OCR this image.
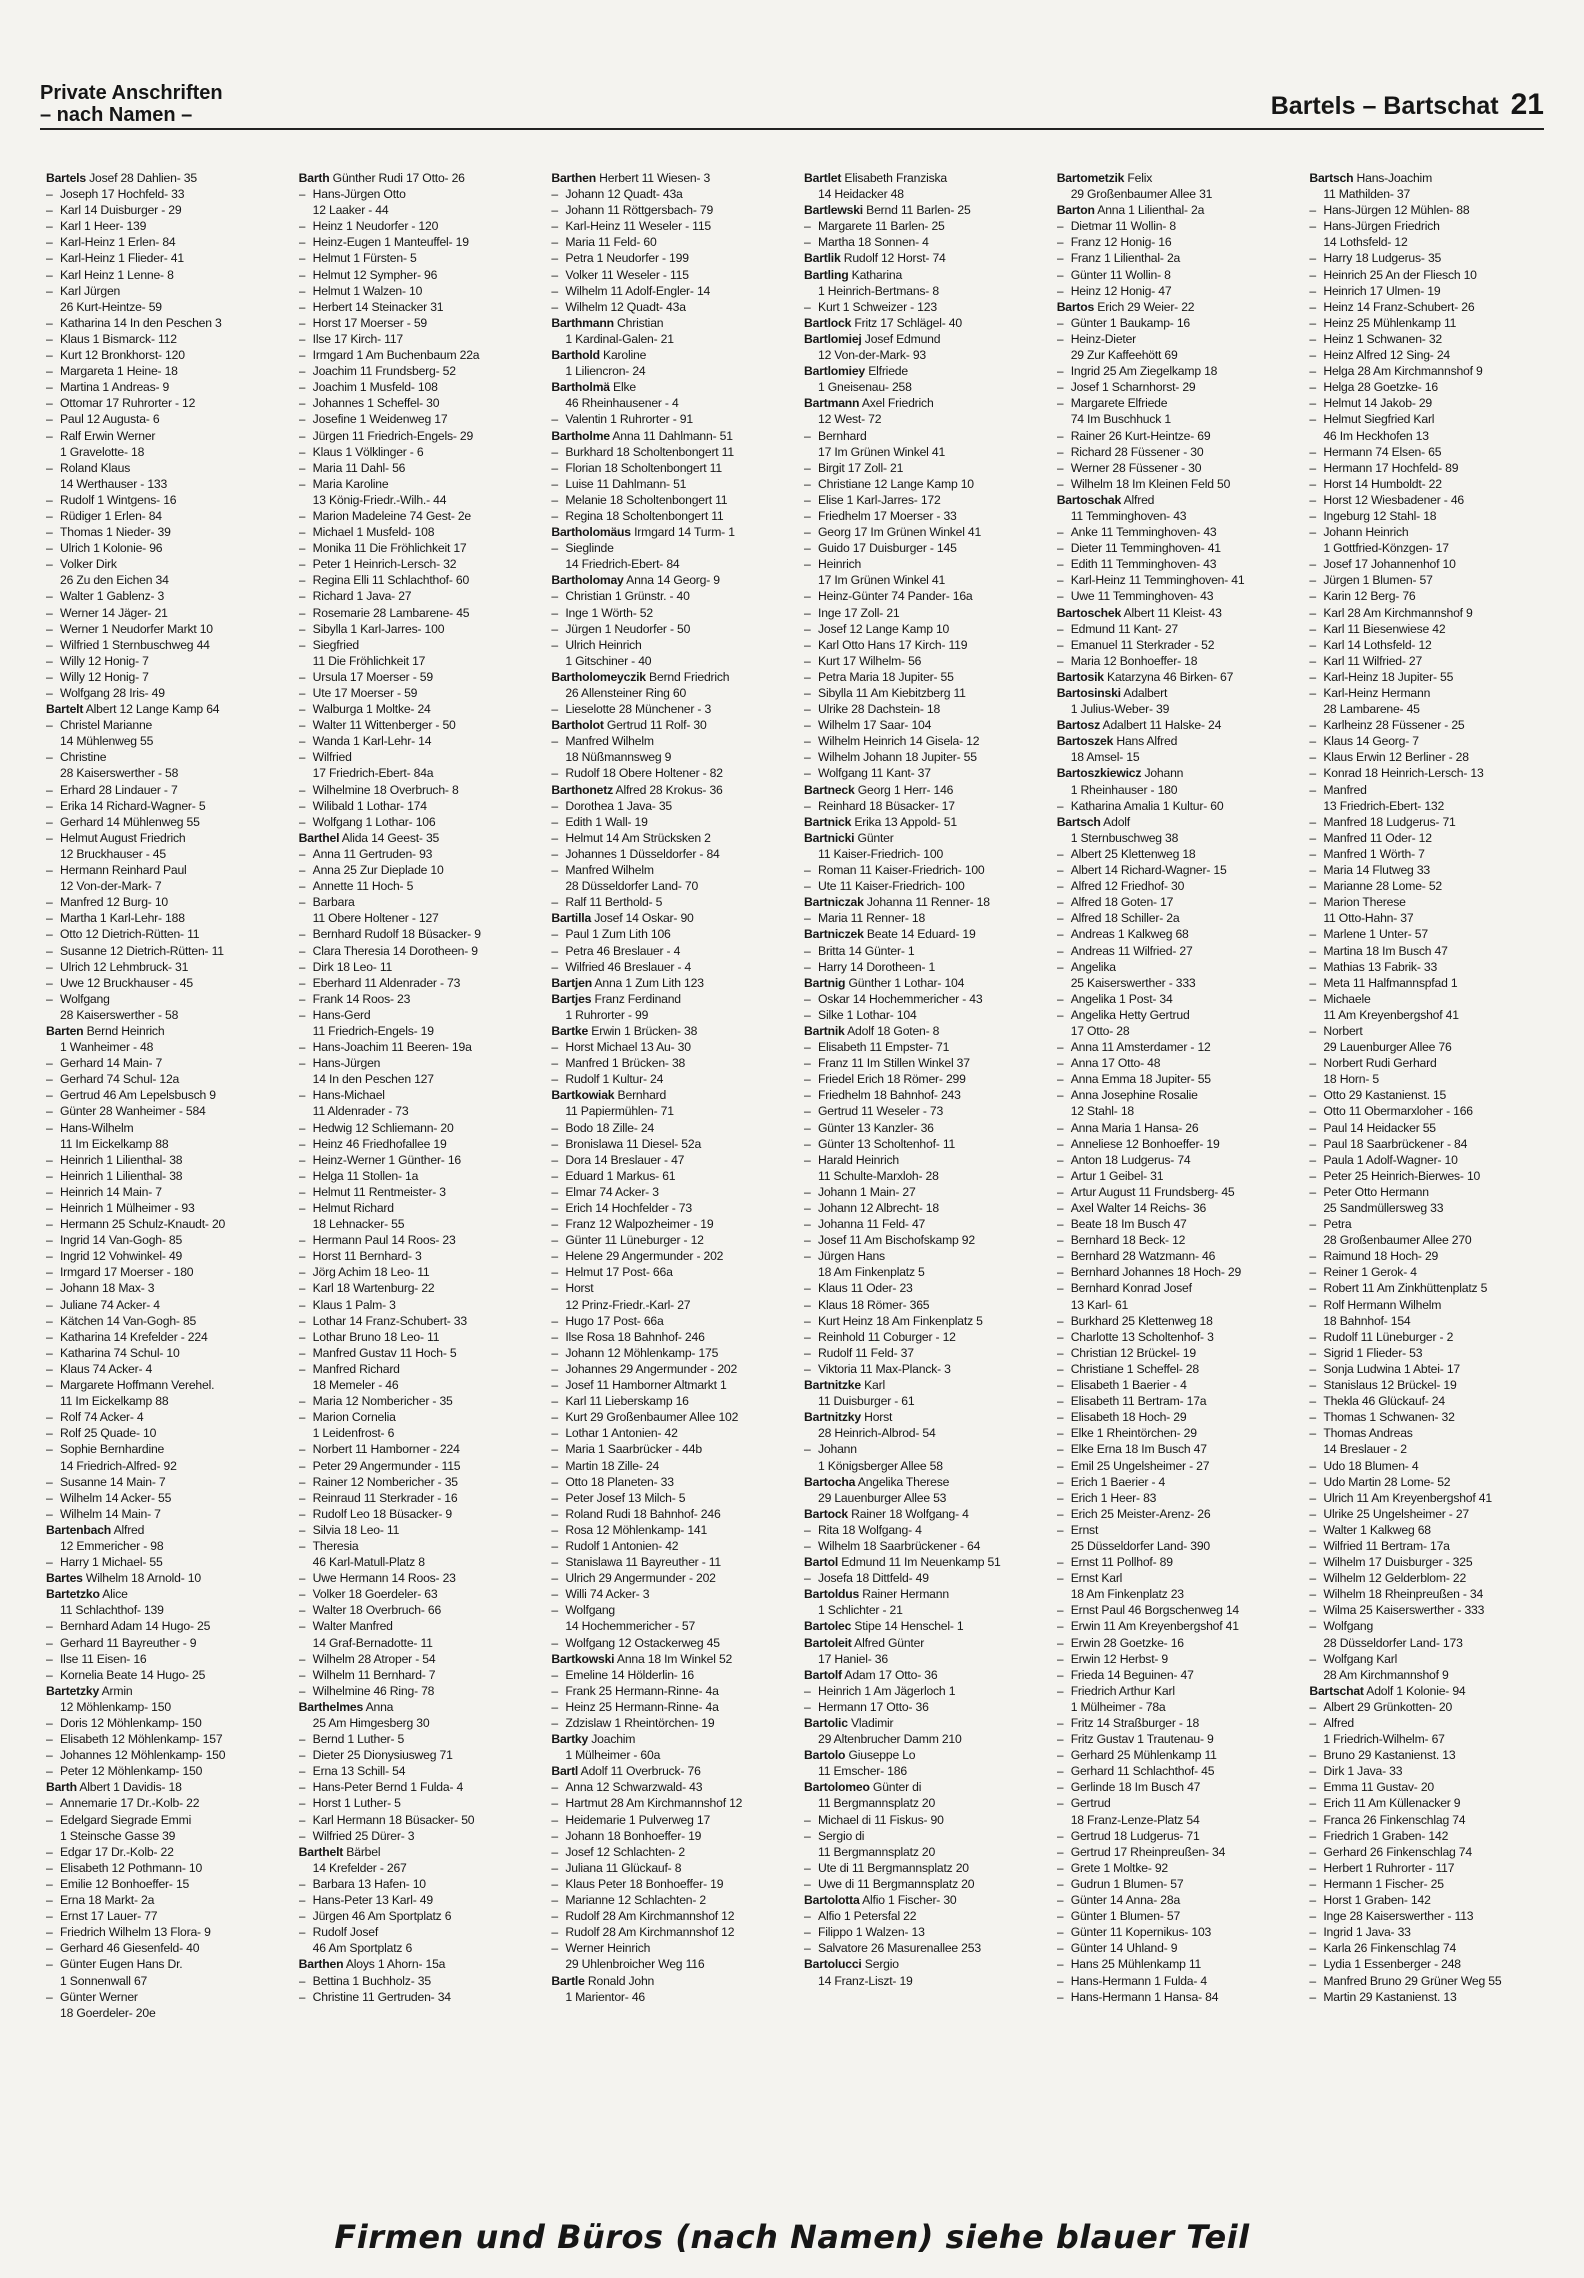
Private Anschriften
– nach Namen –	Bartels – Bartschat 21
Bartels Josef 28 Dahlien- 35
– Joseph 17 Hochfeld- 33
– Karl 14 Duisburger - 29
– Karl 1 Heer- 139
– Karl-Heinz 1 Erlen- 84
– Karl-Heinz 1 Flieder- 41
– Karl Heinz 1 Lenne- 8
– Karl Jürgen
26 Kurt-Heintze- 59
– Katharina 14 In den Peschen 3
– Klaus 1 Bismarck- 112
– Kurt 12 Bronkhorst- 120
– Margareta 1 Heine- 18
– Martina 1 Andreas- 9
– Ottomar 17 Ruhrorter - 12
– Paul 12 Augusta- 6
– Ralf Erwin Werner
1 Gravelotte- 18
– Roland Klaus
14 Werthauser - 133
– Rudolf 1 Wintgens- 16
– Rüdiger 1 Erlen- 84
– Thomas 1 Nieder- 39
– Ulrich 1 Kolonie- 96
– Volker Dirk
26 Zu den Eichen 34
– Walter 1 Gablenz- 3
– Werner 14 Jäger- 21
– Werner 1 Neudorfer Markt 10
– Wilfried 1 Sternbuschweg 44
– Willy 12 Honig- 7
– Willy 12 Honig- 7
– Wolfgang 28 Iris- 49
Bartelt Albert 12 Lange Kamp 64
– Christel Marianne
14 Mühlenweg 55
– Christine
28 Kaiserswerther - 58
– Erhard 28 Lindauer - 7
– Erika 14 Richard-Wagner- 5
– Gerhard 14 Mühlenweg 55
– Helmut August Friedrich
12 Bruckhauser - 45
– Hermann Reinhard Paul
12 Von-der-Mark- 7
– Manfred 12 Burg- 10
– Martha 1 Karl-Lehr- 188
– Otto 12 Dietrich-Rütten- 11
– Susanne 12 Dietrich-Rütten- 11
– Ulrich 12 Lehmbruck- 31
– Uwe 12 Bruckhauser - 45
– Wolfgang
28 Kaiserswerther - 58
Barten Bernd Heinrich
1 Wanheimer - 48
– Gerhard 14 Main- 7
– Gerhard 74 Schul- 12a
– Gertrud 46 Am Lepelsbusch 9
– Günter 28 Wanheimer - 584
– Hans-Wilhelm
11 Im Eickelkamp 88
– Heinrich 1 Lilienthal- 38
– Heinrich 1 Lilienthal- 38
– Heinrich 14 Main- 7
– Heinrich 1 Mülheimer - 93
– Hermann 25 Schulz-Knaudt- 20
– Ingrid 14 Van-Gogh- 85
– Ingrid 12 Vohwinkel- 49
– Irmgard 17 Moerser - 180
– Johann 18 Max- 3
– Juliane 74 Acker- 4
– Kätchen 14 Van-Gogh- 85
– Katharina 14 Krefelder - 224
– Katharina 74 Schul- 10
– Klaus 74 Acker- 4
– Margarete Hoffmann Verehel.
11 Im Eickelkamp 88
– Rolf 74 Acker- 4
– Rolf 25 Quade- 10
– Sophie Bernhardine
14 Friedrich-Alfred- 92
– Susanne 14 Main- 7
– Wilhelm 14 Acker- 55
– Wilhelm 14 Main- 7
Bartenbach Alfred
12 Emmericher - 98
– Harry 1 Michael- 55
Bartes Wilhelm 18 Arnold- 10
Bartetzko Alice
11 Schlachthof- 139
– Bernhard Adam 14 Hugo- 25
– Gerhard 11 Bayreuther - 9
– Ilse 11 Eisen- 16
– Kornelia Beate 14 Hugo- 25
Bartetzky Armin
12 Möhlenkamp- 150
– Doris 12 Möhlenkamp- 150
– Elisabeth 12 Möhlenkamp- 157
– Johannes 12 Möhlenkamp- 150
– Peter 12 Möhlenkamp- 150
Barth Albert 1 Davidis- 18
– Annemarie 17 Dr.-Kolb- 22
– Edelgard Siegrade Emmi
1 Steinsche Gasse 39
– Edgar 17 Dr.-Kolb- 22
– Elisabeth 12 Pothmann- 10
– Emilie 12 Bonhoeffer- 15
– Erna 18 Markt- 2a
– Ernst 17 Lauer- 77
– Friedrich Wilhelm 13 Flora- 9
– Gerhard 46 Giesenfeld- 40
– Günter Eugen Hans Dr.
1 Sonnenwall 67
– Günter Werner
18 Goerdeler- 20e
Barth Günther Rudi 17 Otto- 26
– Hans-Jürgen Otto
12 Laaker - 44
– Heinz 1 Neudorfer - 120
– Heinz-Eugen 1 Manteuffel- 19
– Helmut 1 Fürsten- 5
– Helmut 12 Sympher- 96
– Helmut 1 Walzen- 10
– Herbert 14 Steinacker 31
– Horst 17 Moerser - 59
– Ilse 17 Kirch- 117
– Irmgard 1 Am Buchenbaum 22a
– Joachim 11 Frundsberg- 52
– Joachim 1 Musfeld- 108
– Johannes 1 Scheffel- 30
– Josefine 1 Weidenweg 17
– Jürgen 11 Friedrich-Engels- 29
– Klaus 1 Völklinger - 6
– Maria 11 Dahl- 56
– Maria Karoline
13 König-Friedr.-Wilh.- 44
– Marion Madeleine 74 Gest- 2e
– Michael 1 Musfeld- 108
– Monika 11 Die Fröhlichkeit 17
– Peter 1 Heinrich-Lersch- 32
– Regina Elli 11 Schlachthof- 60
– Richard 1 Java- 27
– Rosemarie 28 Lambarene- 45
– Sibylla 1 Karl-Jarres- 100
– Siegfried
11 Die Fröhlichkeit 17
– Ursula 17 Moerser - 59
– Ute 17 Moerser - 59
– Walburga 1 Moltke- 24
– Walter 11 Wittenberger - 50
– Wanda 1 Karl-Lehr- 14
– Wilfried
17 Friedrich-Ebert- 84a
– Wilhelmine 18 Overbruch- 8
– Wilibald 1 Lothar- 174
– Wolfgang 1 Lothar- 106
Barthel Alida 14 Geest- 35
– Anna 11 Gertruden- 93
– Anna 25 Zur Dieplade 10
– Annette 11 Hoch- 5
– Barbara
11 Obere Holtener - 127
– Bernhard Rudolf 18 Büsacker- 9
– Clara Theresia 14 Dorotheen- 9
– Dirk 18 Leo- 11
– Eberhard 11 Aldenrader - 73
– Frank 14 Roos- 23
– Hans-Gerd
11 Friedrich-Engels- 19
– Hans-Joachim 11 Beeren- 19a
– Hans-Jürgen
14 In den Peschen 127
– Hans-Michael
11 Aldenrader - 73
– Hedwig 12 Schliemann- 20
– Heinz 46 Friedhofallee 19
– Heinz-Werner 1 Günther- 16
– Helga 11 Stollen- 1a
– Helmut 11 Rentmeister- 3
– Helmut Richard
18 Lehnacker- 55
– Hermann Paul 14 Roos- 23
– Horst 11 Bernhard- 3
– Jörg Achim 18 Leo- 11
– Karl 18 Wartenburg- 22
– Klaus 1 Palm- 3
– Lothar 14 Franz-Schubert- 33
– Lothar Bruno 18 Leo- 11
– Manfred Gustav 11 Hoch- 5
– Manfred Richard
18 Memeler - 46
– Maria 12 Nombericher - 35
– Marion Cornelia
1 Leidenfrost- 6
– Norbert 11 Hamborner - 224
– Peter 29 Angermunder - 115
– Rainer 12 Nombericher - 35
– Reinraud 11 Sterkrader - 16
– Rudolf Leo 18 Büsacker- 9
– Silvia 18 Leo- 11
– Theresia
46 Karl-Matull-Platz 8
– Uwe Hermann 14 Roos- 23
– Volker 18 Goerdeler- 63
– Walter 18 Overbruch- 66
– Walter Manfred
14 Graf-Bernadotte- 11
– Wilhelm 28 Atroper - 54
– Wilhelm 11 Bernhard- 7
– Wilhelmine 46 Ring- 78
Barthelmes Anna
25 Am Himgesberg 30
– Bernd 1 Luther- 5
– Dieter 25 Dionysiusweg 71
– Erna 13 Schill- 54
– Hans-Peter Bernd 1 Fulda- 4
– Horst 1 Luther- 5
– Karl Hermann 18 Büsacker- 50
– Wilfried 25 Dürer- 3
Barthelt Bärbel
14 Krefelder - 267
– Barbara 13 Hafen- 10
– Hans-Peter 13 Karl- 49
– Jürgen 46 Am Sportplatz 6
– Rudolf Josef
46 Am Sportplatz 6
Barthen Aloys 1 Ahorn- 15a
– Bettina 1 Buchholz- 35
– Christine 11 Gertruden- 34
Barthen Herbert 11 Wiesen- 3
– Johann 12 Quadt- 43a
– Johann 11 Röttgersbach- 79
– Karl-Heinz 11 Weseler - 115
– Maria 11 Feld- 60
– Petra 1 Neudorfer - 199
– Volker 11 Weseler - 115
– Wilhelm 11 Adolf-Engler- 14
– Wilhelm 12 Quadt- 43a
Barthmann Christian
1 Kardinal-Galen- 21
Barthold Karoline
1 Liliencron- 24
Bartholmä Elke
46 Rheinhausener - 4
– Valentin 1 Ruhrorter - 91
Bartholme Anna 11 Dahlmann- 51
– Burkhard 18 Scholtenbongert 11
– Florian 18 Scholtenbongert 11
– Luise 11 Dahlmann- 51
– Melanie 18 Scholtenbongert 11
– Regina 18 Scholtenbongert 11
Bartholomäus Irmgard 14 Turm- 1
– Sieglinde
14 Friedrich-Ebert- 84
Bartholomay Anna 14 Georg- 9
– Christian 1 Grünstr. - 40
– Inge 1 Wörth- 52
– Jürgen 1 Neudorfer - 50
– Ulrich Heinrich
1 Gitschiner - 40
Bartholomeyczik Bernd Friedrich
26 Allensteiner Ring 60
– Lieselotte 28 Münchener - 3
Bartholot Gertrud 11 Rolf- 30
– Manfred Wilhelm
18 Nüßmannsweg 9
– Rudolf 18 Obere Holtener - 82
Barthonetz Alfred 28 Krokus- 36
– Dorothea 1 Java- 35
– Edith 1 Wall- 19
– Helmut 14 Am Strücksken 2
– Johannes 1 Düsseldorfer - 84
– Manfred Wilhelm
28 Düsseldorfer Land- 70
– Ralf 11 Berthold- 5
Bartilla Josef 14 Oskar- 90
– Paul 1 Zum Lith 106
– Petra 46 Breslauer - 4
– Wilfried 46 Breslauer - 4
Bartjen Anna 1 Zum Lith 123
Bartjes Franz Ferdinand
1 Ruhrorter - 99
Bartke Erwin 1 Brücken- 38
– Horst Michael 13 Au- 30
– Manfred 1 Brücken- 38
– Rudolf 1 Kultur- 24
Bartkowiak Bernhard
11 Papiermühlen- 71
– Bodo 18 Zille- 24
– Bronislawa 11 Diesel- 52a
– Dora 14 Breslauer - 47
– Eduard 1 Markus- 61
– Elmar 74 Acker- 3
– Erich 14 Hochfelder - 73
– Franz 12 Walpozheimer - 19
– Günter 11 Lüneburger - 12
– Helene 29 Angermunder - 202
– Helmut 17 Post- 66a
– Horst
12 Prinz-Friedr.-Karl- 27
– Hugo 17 Post- 66a
– Ilse Rosa 18 Bahnhof- 246
– Johann 12 Möhlenkamp- 175
– Johannes 29 Angermunder - 202
– Josef 11 Hamborner Altmarkt 1
– Karl 11 Lieberskamp 16
– Kurt 29 Großenbaumer Allee 102
– Lothar 1 Antonien- 42
– Maria 1 Saarbrücker - 44b
– Martin 18 Zille- 24
– Otto 18 Planeten- 33
– Peter Josef 13 Milch- 5
– Roland Rudi 18 Bahnhof- 246
– Rosa 12 Möhlenkamp- 141
– Rudolf 1 Antonien- 42
– Stanislawa 11 Bayreuther - 11
– Ulrich 29 Angermunder - 202
– Willi 74 Acker- 3
– Wolfgang
14 Hochemmericher - 57
– Wolfgang 12 Ostackerweg 45
Bartkowski Anna 18 Im Winkel 52
– Emeline 14 Hölderlin- 16
– Frank 25 Hermann-Rinne- 4a
– Heinz 25 Hermann-Rinne- 4a
– Zdzislaw 1 Rheintörchen- 19
Bartky Joachim
1 Mülheimer - 60a
Bartl Adolf 11 Overbruck- 76
– Anna 12 Schwarzwald- 43
– Hartmut 28 Am Kirchmannshof 12
– Heidemarie 1 Pulverweg 17
– Johann 18 Bonhoeffer- 19
– Josef 12 Schlachten- 2
– Juliana 11 Glückauf- 8
– Klaus Peter 18 Bonhoeffer- 19
– Marianne 12 Schlachten- 2
– Rudolf 28 Am Kirchmannshof 12
– Rudolf 28 Am Kirchmannshof 12
– Werner Heinrich
29 Uhlenbroicher Weg 116
Bartle Ronald John
1 Marientor- 46
Bartlet Elisabeth Franziska
14 Heidacker 48
Bartlewski Bernd 11 Barlen- 25
– Margarete 11 Barlen- 25
– Martha 18 Sonnen- 4
Bartlik Rudolf 12 Horst- 74
Bartling Katharina
1 Heinrich-Bertmans- 8
– Kurt 1 Schweizer - 123
Bartlock Fritz 17 Schlägel- 40
Bartlomiej Josef Edmund
12 Von-der-Mark- 93
Bartlomiey Elfriede
1 Gneisenau- 258
Bartmann Axel Friedrich
12 West- 72
– Bernhard
17 Im Grünen Winkel 41
– Birgit 17 Zoll- 21
– Christiane 12 Lange Kamp 10
– Elise 1 Karl-Jarres- 172
– Friedhelm 17 Moerser - 33
– Georg 17 Im Grünen Winkel 41
– Guido 17 Duisburger - 145
– Heinrich
17 Im Grünen Winkel 41
– Heinz-Günter 74 Pander- 16a
– Inge 17 Zoll- 21
– Josef 12 Lange Kamp 10
– Karl Otto Hans 17 Kirch- 119
– Kurt 17 Wilhelm- 56
– Petra Maria 18 Jupiter- 55
– Sibylla 11 Am Kiebitzberg 11
– Ulrike 28 Dachstein- 18
– Wilhelm 17 Saar- 104
– Wilhelm Heinrich 14 Gisela- 12
– Wilhelm Johann 18 Jupiter- 55
– Wolfgang 11 Kant- 37
Bartneck Georg 1 Herr- 146
– Reinhard 18 Büsacker- 17
Bartnick Erika 13 Appold- 51
Bartnicki Günter
11 Kaiser-Friedrich- 100
– Roman 11 Kaiser-Friedrich- 100
– Ute 11 Kaiser-Friedrich- 100
Bartniczak Johanna 11 Renner- 18
– Maria 11 Renner- 18
Bartniczek Beate 14 Eduard- 19
– Britta 14 Günter- 1
– Harry 14 Dorotheen- 1
Bartnig Günther 1 Lothar- 104
– Oskar 14 Hochemmericher - 43
– Silke 1 Lothar- 104
Bartnik Adolf 18 Goten- 8
– Elisabeth 11 Empster- 71
– Franz 11 Im Stillen Winkel 37
– Friedel Erich 18 Römer- 299
– Friedhelm 18 Bahnhof- 243
– Gertrud 11 Weseler - 73
– Günter 13 Kanzler- 36
– Günter 13 Scholtenhof- 11
– Harald Heinrich
11 Schulte-Marxloh- 28
– Johann 1 Main- 27
– Johann 12 Albrecht- 18
– Johanna 11 Feld- 47
– Josef 11 Am Bischofskamp 92
– Jürgen Hans
18 Am Finkenplatz 5
– Klaus 11 Oder- 23
– Klaus 18 Römer- 365
– Kurt Heinz 18 Am Finkenplatz 5
– Reinhold 11 Coburger - 12
– Rudolf 11 Feld- 37
– Viktoria 11 Max-Planck- 3
Bartnitzke Karl
11 Duisburger - 61
Bartnitzky Horst
28 Heinrich-Albrod- 54
– Johann
1 Königsberger Allee 58
Bartocha Angelika Therese
29 Lauenburger Allee 53
Bartock Rainer 18 Wolfgang- 4
– Rita 18 Wolfgang- 4
– Wilhelm 18 Saarbrückener - 64
Bartol Edmund 11 Im Neuenkamp 51
– Josefa 18 Dittfeld- 49
Bartoldus Rainer Hermann
1 Schlichter - 21
Bartolec Stipe 14 Henschel- 1
Bartoleit Alfred Günter
17 Haniel- 36
Bartolf Adam 17 Otto- 36
– Heinrich 1 Am Jägerloch 1
– Hermann 17 Otto- 36
Bartolic Vladimir
29 Altenbrucher Damm 210
Bartolo Giuseppe Lo
11 Emscher- 186
Bartolomeo Günter di
11 Bergmannsplatz 20
– Michael di 11 Fiskus- 90
– Sergio di
11 Bergmannsplatz 20
– Ute di 11 Bergmannsplatz 20
– Uwe di 11 Bergmannsplatz 20
Bartolotta Alfio 1 Fischer- 30
– Alfio 1 Petersfal 22
– Filippo 1 Walzen- 13
– Salvatore 26 Masurenallee 253
Bartolucci Sergio
14 Franz-Liszt- 19
Bartometzik Felix
29 Großenbaumer Allee 31
Barton Anna 1 Lilienthal- 2a
– Dietmar 11 Wollin- 8
– Franz 12 Honig- 16
– Franz 1 Lilienthal- 2a
– Günter 11 Wollin- 8
– Heinz 12 Honig- 47
Bartos Erich 29 Weier- 22
– Günter 1 Baukamp- 16
– Heinz-Dieter
29 Zur Kaffeehött 69
– Ingrid 25 Am Ziegelkamp 18
– Josef 1 Scharnhorst- 29
– Margarete Elfriede
74 Im Buschhuck 1
– Rainer 26 Kurt-Heintze- 69
– Richard 28 Füssener - 30
– Werner 28 Füssener - 30
– Wilhelm 18 Im Kleinen Feld 50
Bartoschak Alfred
11 Temminghoven- 43
– Anke 11 Temminghoven- 43
– Dieter 11 Temminghoven- 41
– Edith 11 Temminghoven- 43
– Karl-Heinz 11 Temminghoven- 41
– Uwe 11 Temminghoven- 43
Bartoschek Albert 11 Kleist- 43
– Edmund 11 Kant- 27
– Emanuel 11 Sterkrader - 52
– Maria 12 Bonhoeffer- 18
Bartosik Katarzyna 46 Birken- 67
Bartosinski Adalbert
1 Julius-Weber- 39
Bartosz Adalbert 11 Halske- 24
Bartoszek Hans Alfred
18 Amsel- 15
Bartoszkiewicz Johann
1 Rheinhauser - 180
– Katharina Amalia 1 Kultur- 60
Bartsch Adolf
1 Sternbuschweg 38
– Albert 25 Klettenweg 18
– Albert 14 Richard-Wagner- 15
– Alfred 12 Friedhof- 30
– Alfred 18 Goten- 17
– Alfred 18 Schiller- 2a
– Andreas 1 Kalkweg 68
– Andreas 11 Wilfried- 27
– Angelika
25 Kaiserswerther - 333
– Angelika 1 Post- 34
– Angelika Hetty Gertrud
17 Otto- 28
– Anna 11 Amsterdamer - 12
– Anna 17 Otto- 48
– Anna Emma 18 Jupiter- 55
– Anna Josephine Rosalie
12 Stahl- 18
– Anna Maria 1 Hansa- 26
– Anneliese 12 Bonhoeffer- 19
– Anton 18 Ludgerus- 74
– Artur 1 Geibel- 31
– Artur August 11 Frundsberg- 45
– Axel Walter 14 Reichs- 36
– Beate 18 Im Busch 47
– Bernhard 18 Beck- 12
– Bernhard 28 Watzmann- 46
– Bernhard Johannes 18 Hoch- 29
– Bernhard Konrad Josef
13 Karl- 61
– Burkhard 25 Klettenweg 18
– Charlotte 13 Scholtenhof- 3
– Christian 12 Brückel- 19
– Christiane 1 Scheffel- 28
– Elisabeth 1 Baerier - 4
– Elisabeth 11 Bertram- 17a
– Elisabeth 18 Hoch- 29
– Elke 1 Rheintörchen- 29
– Elke Erna 18 Im Busch 47
– Emil 25 Ungelsheimer - 27
– Erich 1 Baerier - 4
– Erich 1 Heer- 83
– Erich 25 Meister-Arenz- 26
– Ernst
25 Düsseldorfer Land- 390
– Ernst 11 Pollhof- 89
– Ernst Karl
18 Am Finkenplatz 23
– Ernst Paul 46 Borgschenweg 14
– Erwin 11 Am Kreyenbergshof 41
– Erwin 28 Goetzke- 16
– Erwin 12 Herbst- 9
– Frieda 14 Beguinen- 47
– Friedrich Arthur Karl
1 Mülheimer - 78a
– Fritz 14 Straßburger - 18
– Fritz Gustav 1 Trautenau- 9
– Gerhard 25 Mühlenkamp 11
– Gerhard 11 Schlachthof- 45
– Gerlinde 18 Im Busch 47
– Gertrud
18 Franz-Lenze-Platz 54
– Gertrud 18 Ludgerus- 71
– Gertrud 17 Rheinpreußen- 34
– Grete 1 Moltke- 92
– Gudrun 1 Blumen- 57
– Günter 14 Anna- 28a
– Günter 1 Blumen- 57
– Günter 11 Kopernikus- 103
– Günter 14 Uhland- 9
– Hans 25 Mühlenkamp 11
– Hans-Hermann 1 Fulda- 4
– Hans-Hermann 1 Hansa- 84
Bartsch Hans-Joachim
11 Mathilden- 37
– Hans-Jürgen 12 Mühlen- 88
– Hans-Jürgen Friedrich
14 Lothsfeld- 12
– Harry 18 Ludgerus- 35
– Heinrich 25 An der Fliesch 10
– Heinrich 17 Ulmen- 19
– Heinz 14 Franz-Schubert- 26
– Heinz 25 Mühlenkamp 11
– Heinz 1 Schwanen- 32
– Heinz Alfred 12 Sing- 24
– Helga 28 Am Kirchmannshof 9
– Helga 28 Goetzke- 16
– Helmut 14 Jakob- 29
– Helmut Siegfried Karl
46 Im Heckhofen 13
– Hermann 74 Elsen- 65
– Hermann 17 Hochfeld- 89
– Horst 14 Humboldt- 22
– Horst 12 Wiesbadener - 46
– Ingeburg 12 Stahl- 18
– Johann Heinrich
1 Gottfried-Könzgen- 17
– Josef 17 Johannenhof 10
– Jürgen 1 Blumen- 57
– Karin 12 Berg- 76
– Karl 28 Am Kirchmannshof 9
– Karl 11 Biesenwiese 42
– Karl 14 Lothsfeld- 12
– Karl 11 Wilfried- 27
– Karl-Heinz 18 Jupiter- 55
– Karl-Heinz Hermann
28 Lambarene- 45
– Karlheinz 28 Füssener - 25
– Klaus 14 Georg- 7
– Klaus Erwin 12 Berliner - 28
– Konrad 18 Heinrich-Lersch- 13
– Manfred
13 Friedrich-Ebert- 132
– Manfred 18 Ludgerus- 71
– Manfred 11 Oder- 12
– Manfred 1 Wörth- 7
– Maria 14 Flutweg 33
– Marianne 28 Lome- 52
– Marion Therese
11 Otto-Hahn- 37
– Marlene 1 Unter- 57
– Martina 18 Im Busch 47
– Mathias 13 Fabrik- 33
– Meta 11 Halfmannspfad 1
– Michaele
11 Am Kreyenbergshof 41
– Norbert
29 Lauenburger Allee 76
– Norbert Rudi Gerhard
18 Horn- 5
– Otto 29 Kastanienst. 15
– Otto 11 Obermarxloher - 166
– Paul 14 Heidacker 55
– Paul 18 Saarbrückener - 84
– Paula 1 Adolf-Wagner- 10
– Peter 25 Heinrich-Bierwes- 10
– Peter Otto Hermann
25 Sandmüllersweg 33
– Petra
28 Großenbaumer Allee 270
– Raimund 18 Hoch- 29
– Reiner 1 Gerok- 4
– Robert 11 Am Zinkhüttenplatz 5
– Rolf Hermann Wilhelm
18 Bahnhof- 154
– Rudolf 11 Lüneburger - 2
– Sigrid 1 Flieder- 53
– Sonja Ludwina 1 Abtei- 17
– Stanislaus 12 Brückel- 19
– Thekla 46 Glückauf- 24
– Thomas 1 Schwanen- 32
– Thomas Andreas
14 Breslauer - 2
– Udo 18 Blumen- 4
– Udo Martin 28 Lome- 52
– Ulrich 11 Am Kreyenbergshof 41
– Ulrike 25 Ungelsheimer - 27
– Walter 1 Kalkweg 68
– Wilfried 11 Bertram- 17a
– Wilhelm 17 Duisburger - 325
– Wilhelm 12 Gelderblom- 22
– Wilhelm 18 Rheinpreußen - 34
– Wilma 25 Kaiserswerther - 333
– Wolfgang
28 Düsseldorfer Land- 173
– Wolfgang Karl
28 Am Kirchmannshof 9
Bartschat Adolf 1 Kolonie- 94
– Albert 29 Grünkotten- 20
– Alfred
1 Friedrich-Wilhelm- 67
– Bruno 29 Kastanienst. 13
– Dirk 1 Java- 33
– Emma 11 Gustav- 20
– Erich 11 Am Küllenacker 9
– Franca 26 Finkenschlag 74
– Friedrich 1 Graben- 142
– Gerhard 26 Finkenschlag 74
– Herbert 1 Ruhrorter - 117
– Hermann 1 Fischer- 25
– Horst 1 Graben- 142
– Inge 28 Kaiserswerther - 113
– Ingrid 1 Java- 33
– Karla 26 Finkenschlag 74
– Lydia 1 Essenberger - 248
– Manfred Bruno 29 Grüner Weg 55
– Martin 29 Kastanienst. 13
Firmen und Büros (nach Namen) siehe blauer Teil
